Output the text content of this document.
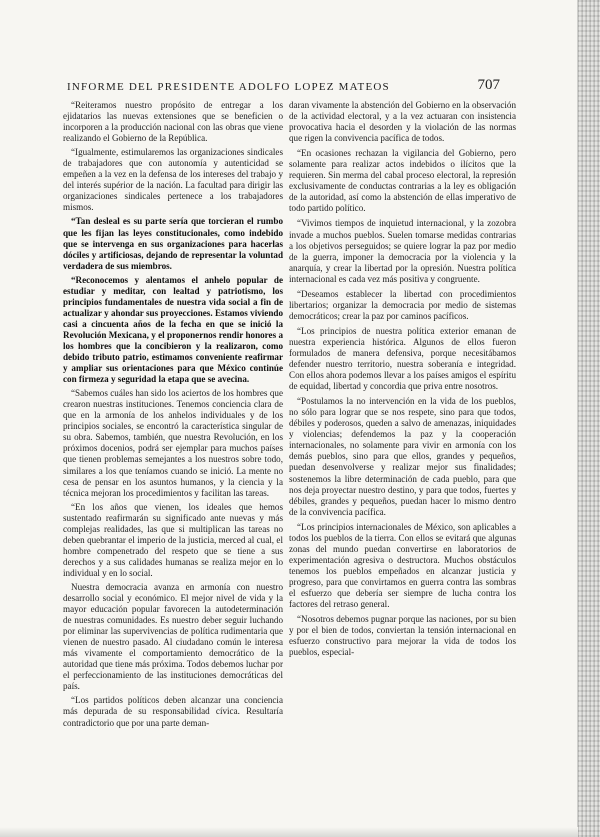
INFORME DEL PRESIDENTE ADOLFO LOPEZ MATEOS	707

“Reiteramos nuestro propósito de entregar a los ejidatarios las nuevas extensiones que se beneficien o incorporen a la producción nacional con las obras que viene realizando el Gobierno de la República.

“Igualmente, estimularemos las organizaciones sindicales de trabajadores que con autonomía y autenticidad se empeñen a la vez en la defensa de los intereses del trabajo y del interés supérior de la nación. La facultad para dirigir las organizaciones sindicales pertenece a los trabajadores mismos.

“Tan desleal es su parte sería que torcieran el rumbo que les fijan las leyes constitucionales, como indebido que se intervenga en sus organizaciones para hacerlas dóciles y artificiosas, dejando de representar la voluntad verdadera de sus miembros.

“Reconocemos y alentamos el anhelo popular de estudiar y meditar, con lealtad y patriotismo, los principios fundamentales de nuestra vida social a fin de actualizar y ahondar sus proyecciones. Estamos viviendo casi a cincuenta años de la fecha en que se inició la Revolución Mexicana, y el proponernos rendir honores a los hombres que la concibieron y la realizaron, como debido tributo patrio, estimamos conveniente reafirmar y ampliar sus orientaciones para que México continúe con firmeza y seguridad la etapa que se avecina.

“Sabemos cuáles han sido los aciertos de los hombres que crearon nuestras instituciones. Tenemos conciencia clara de que en la armonía de los anhelos individuales y de los principios sociales, se encontró la característica singular de su obra. Sabemos, también, que nuestra Revolución, en los próximos docenios, podrá ser ejemplar para muchos países que tienen problemas semejantes a los nuestros sobre todo, similares a los que teníamos cuando se inició. La mente no cesa de pensar en los asuntos humanos, y la ciencia y la técnica mejoran los procedimientos y facilitan las tareas.

“En los años que vienen, los ideales que hemos sustentado reafirmarán su significado ante nuevas y más complejas realidades, las que si multiplican las tareas no deben quebrantar el imperio de la justicia, merced al cual, el hombre compenetrado del respeto que se tiene a sus derechos y a sus calidades humanas se realiza mejor en lo individual y en lo social.

Nuestra democracia avanza en armonía con nuestro desarrollo social y económico. El mejor nivel de vida y la mayor educación popular favorecen la autodeterminación de nuestras comunidades. Es nuestro deber seguir luchando por eliminar las supervivencias de política rudimentaria que vienen de nuestro pasado. Al ciudadano común le interesa más vivamente el comportamiento democrático de la autoridad que tiene más próxima. Todos debemos luchar por el perfeccionamiento de las instituciones democráticas del país.

“Los partidos políticos deben alcanzar una conciencia más depurada de su responsabilidad cívica. Resultaría contradictorio que por una parte deman-

daran vivamente la abstención del Gobierno en la observación de la actividad electoral, y a la vez actuaran con insistencia provocativa hacia el desorden y la violación de las normas que rigen la convivencia pacífica de todos.

“En ocasiones rechazan la vigilancia del Gobierno, pero solamente para realizar actos indebidos o ilícitos que la requieren. Sin merma del cabal proceso electoral, la represión exclusivamente de conductas contrarias a la ley es obligación de la autoridad, así como la abstención de ellas imperativo de todo partido político.

“Vivimos tiempos de inquietud internacional, y la zozobra invade a muchos pueblos. Suelen tomarse medidas contrarias a los objetivos perseguidos; se quiere lograr la paz por medio de la guerra, imponer la democracia por la violencia y la anarquía, y crear la libertad por la opresión. Nuestra política internacional es cada vez más positiva y congruente.

“Deseamos establecer la libertad con procedimientos libertarios; organizar la democracia por medio de sistemas democráticos; crear la paz por caminos pacíficos.

“Los principios de nuestra política exterior emanan de nuestra experiencia histórica. Algunos de ellos fueron formulados de manera defensiva, porque necesitábamos defender nuestro territorio, nuestra soberanía e integridad. Con ellos ahora podemos llevar a los países amigos el espíritu de equidad, libertad y concordia que priva entre nosotros.

“Postulamos la no intervención en la vida de los pueblos, no sólo para lograr que se nos respete, sino para que todos, débiles y poderosos, queden a salvo de amenazas, iniquidades y violencias; defendemos la paz y la cooperación internacionales, no solamente para vivir en armonía con los demás pueblos, sino para que ellos, grandes y pequeños, puedan desenvolverse y realizar mejor sus finalidades; sostenemos la libre determinación de cada pueblo, para que nos deja proyectar nuestro destino, y para que todos, fuertes y débiles, grandes y pequeños, puedan hacer lo mismo dentro de la convivencia pacífica.

“Los principios internacionales de México, son aplicables a todos los pueblos de la tierra. Con ellos se evitará que algunas zonas del mundo puedan convertirse en laboratorios de experimentación agresiva o destructora. Muchos obstáculos tenemos los pueblos empeñados en alcanzar justicia y progreso, para que convirtamos en guerra contra las sombras el esfuerzo que debería ser siempre de lucha contra los factores del retraso general.

“Nosotros debemos pugnar porque las naciones, por su bien y por el bien de todos, conviertan la tensión internacional en esfuerzo constructivo para mejorar la vida de todos los pueblos, especial-
